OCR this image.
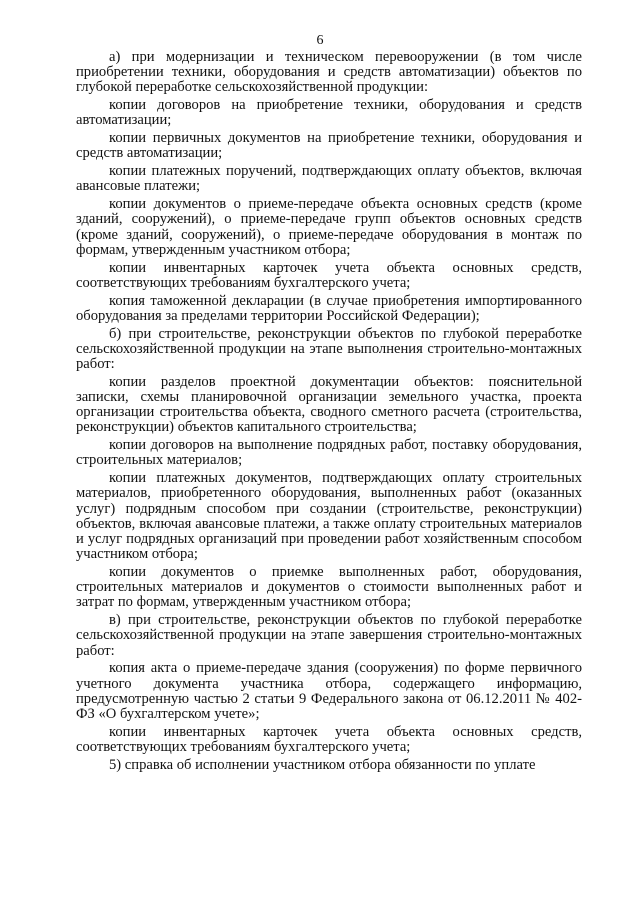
6

а) при модернизации и техническом перевооружении (в том числе приобретении техники, оборудования и средств автоматизации) объектов по глубокой переработке сельскохозяйственной продукции:

копии договоров на приобретение техники, оборудования и средств автоматизации;

копии первичных документов на приобретение техники, оборудования и средств автоматизации;

копии платежных поручений, подтверждающих оплату объектов, включая авансовые платежи;

копии документов о приеме-передаче объекта основных средств (кроме зданий, сооружений), о приеме-передаче групп объектов основных средств (кроме зданий, сооружений), о приеме-передаче оборудования в монтаж по формам, утвержденным участником отбора;

копии инвентарных карточек учета объекта основных средств, соответствующих требованиям бухгалтерского учета;

копия таможенной декларации (в случае приобретения импортированного оборудования за пределами территории Российской Федерации);

б) при строительстве, реконструкции объектов по глубокой переработке сельскохозяйственной продукции на этапе выполнения строительно-монтажных работ:

копии разделов проектной документации объектов: пояснительной записки, схемы планировочной организации земельного участка, проекта организации строительства объекта, сводного сметного расчета (строительства, реконструкции) объектов капитального строительства;

копии договоров на выполнение подрядных работ, поставку оборудования, строительных материалов;

копии платежных документов, подтверждающих оплату строительных материалов, приобретенного оборудования, выполненных работ (оказанных услуг) подрядным способом при создании (строительстве, реконструкции) объектов, включая авансовые платежи, а также оплату строительных материалов и услуг подрядных организаций при проведении работ хозяйственным способом участником отбора;

копии документов о приемке выполненных работ, оборудования, строительных материалов и документов о стоимости выполненных работ и затрат по формам, утвержденным участником отбора;

в) при строительстве, реконструкции объектов по глубокой переработке сельскохозяйственной продукции на этапе завершения строительно-монтажных работ:

копия акта о приеме-передаче здания (сооружения) по форме первичного учетного документа участника отбора, содержащего информацию, предусмотренную частью 2 статьи 9 Федерального закона от 06.12.2011 № 402-ФЗ «О бухгалтерском учете»;

копии инвентарных карточек учета объекта основных средств, соответствующих требованиям бухгалтерского учета;

5) справка об исполнении участником отбора обязанности по уплате
